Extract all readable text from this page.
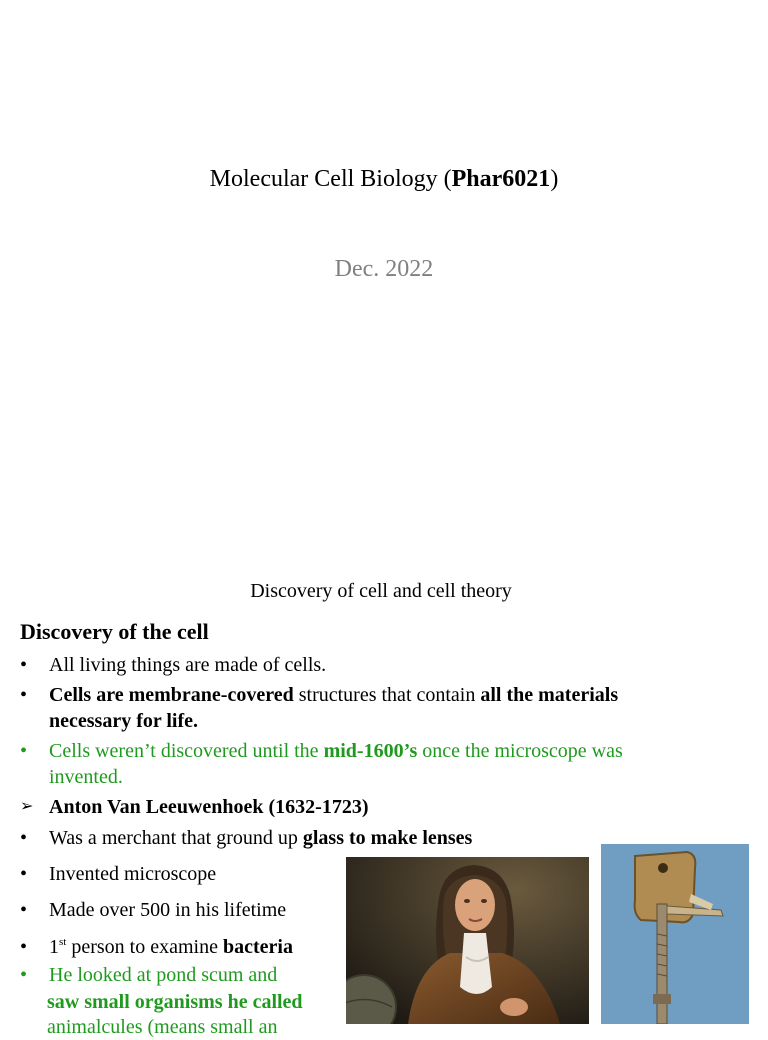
Molecular Cell Biology (Phar6021)
Dec. 2022
Discovery of cell and cell theory
Discovery of the cell
•	All living things are made of cells.
•	Cells are membrane-covered structures that contain all the materials necessary for life.
•	Cells weren’t discovered until the mid-1600’s once the microscope was invented.
➢ Anton Van Leeuwenhoek (1632-1723)
•	Was a merchant that ground up glass to make lenses
•	Invented microscope
•	Made over 500 in his lifetime
•	1st person to examine bacteria
•	He looked at pond scum and
saw small organisms he called
animalcules (means small an
